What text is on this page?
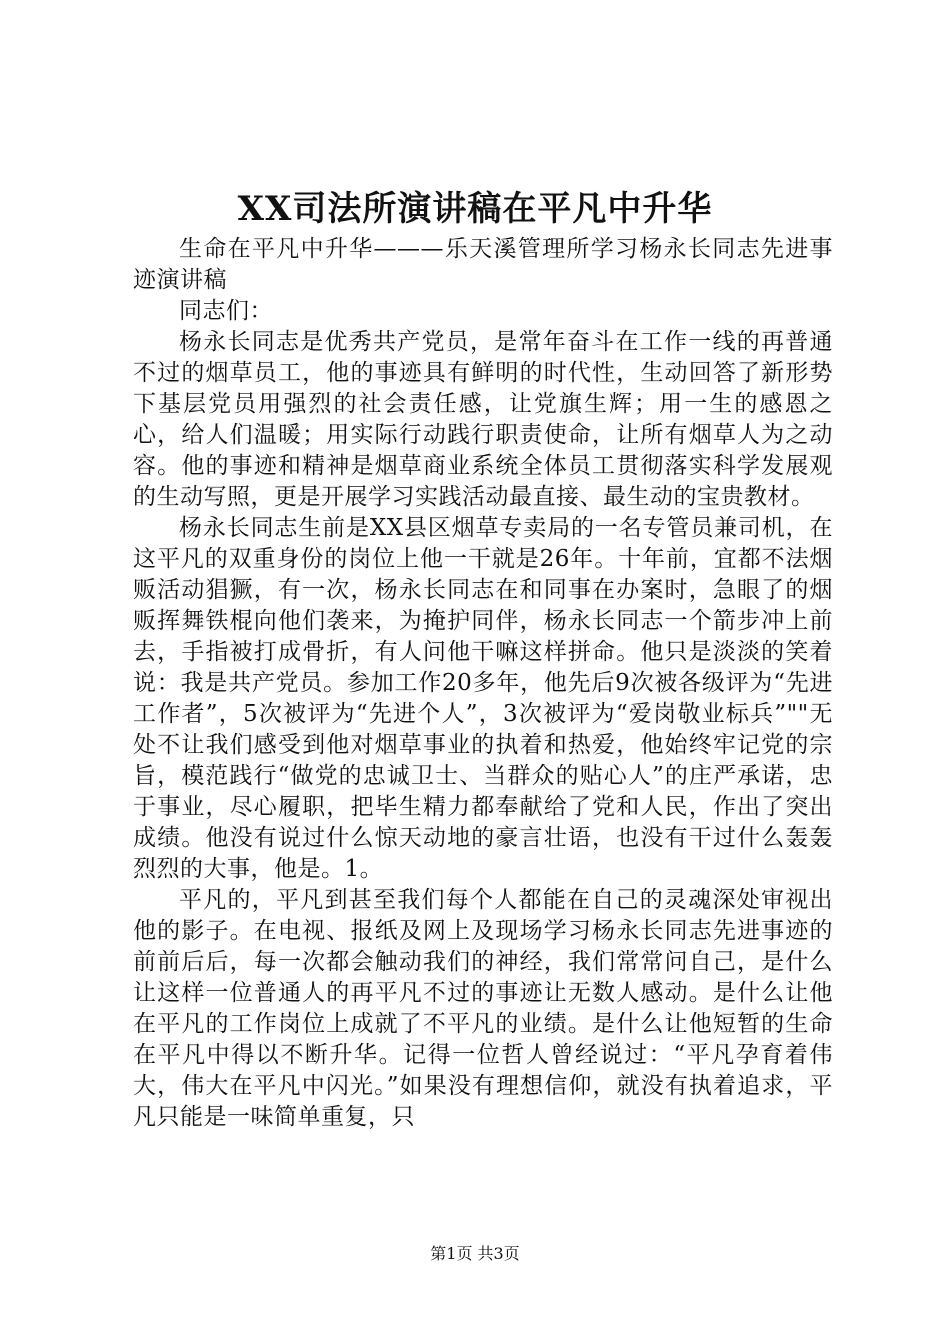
XX司法所演讲稿在平凡中升华

生命在平凡中升华———乐天溪管理所学习杨永长同志先进事迹演讲稿

同志们：

杨永长同志是优秀共产党员，是常年奋斗在工作一线的再普通不过的烟草员工，他的事迹具有鲜明的时代性，生动回答了新形势下基层党员用强烈的社会责任感，让党旗生辉；用一生的感恩之心，给人们温暖；用实际行动践行职责使命，让所有烟草人为之动容。他的事迹和精神是烟草商业系统全体员工贯彻落实科学发展观的生动写照，更是开展学习实践活动最直接、最生动的宝贵教材。

杨永长同志生前是XX县区烟草专卖局的一名专管员兼司机，在这平凡的双重身份的岗位上他一干就是26年。十年前，宜都不法烟贩活动猖獗，有一次，杨永长同志在和同事在办案时，急眼了的烟贩挥舞铁棍向他们袭来，为掩护同伴，杨永长同志一个箭步冲上前去，手指被打成骨折，有人问他干嘛这样拼命。他只是淡淡的笑着说：我是共产党员。参加工作20多年，他先后9次被各级评为“先进工作者”，5次被评为“先进个人”，3次被评为“爱岗敬业标兵”""无处不让我们感受到他对烟草事业的执着和热爱，他始终牢记党的宗旨，模范践行“做党的忠诚卫士、当群众的贴心人”的庄严承诺，忠于事业，尽心履职，把毕生精力都奉献给了党和人民，作出了突出成绩。他没有说过什么惊天动地的豪言壮语，也没有干过什么轰轰烈烈的大事，他是。1。

平凡的，平凡到甚至我们每个人都能在自己的灵魂深处审视出他的影子。在电视、报纸及网上及现场学习杨永长同志先进事迹的前前后后，每一次都会触动我们的神经，我们常常问自己，是什么让这样一位普通人的再平凡不过的事迹让无数人感动。是什么让他在平凡的工作岗位上成就了不平凡的业绩。是什么让他短暂的生命在平凡中得以不断升华。记得一位哲人曾经说过：“平凡孕育着伟大，伟大在平凡中闪光。”如果没有理想信仰，就没有执着追求，平凡只能是一味简单重复，只

第1页 共3页
